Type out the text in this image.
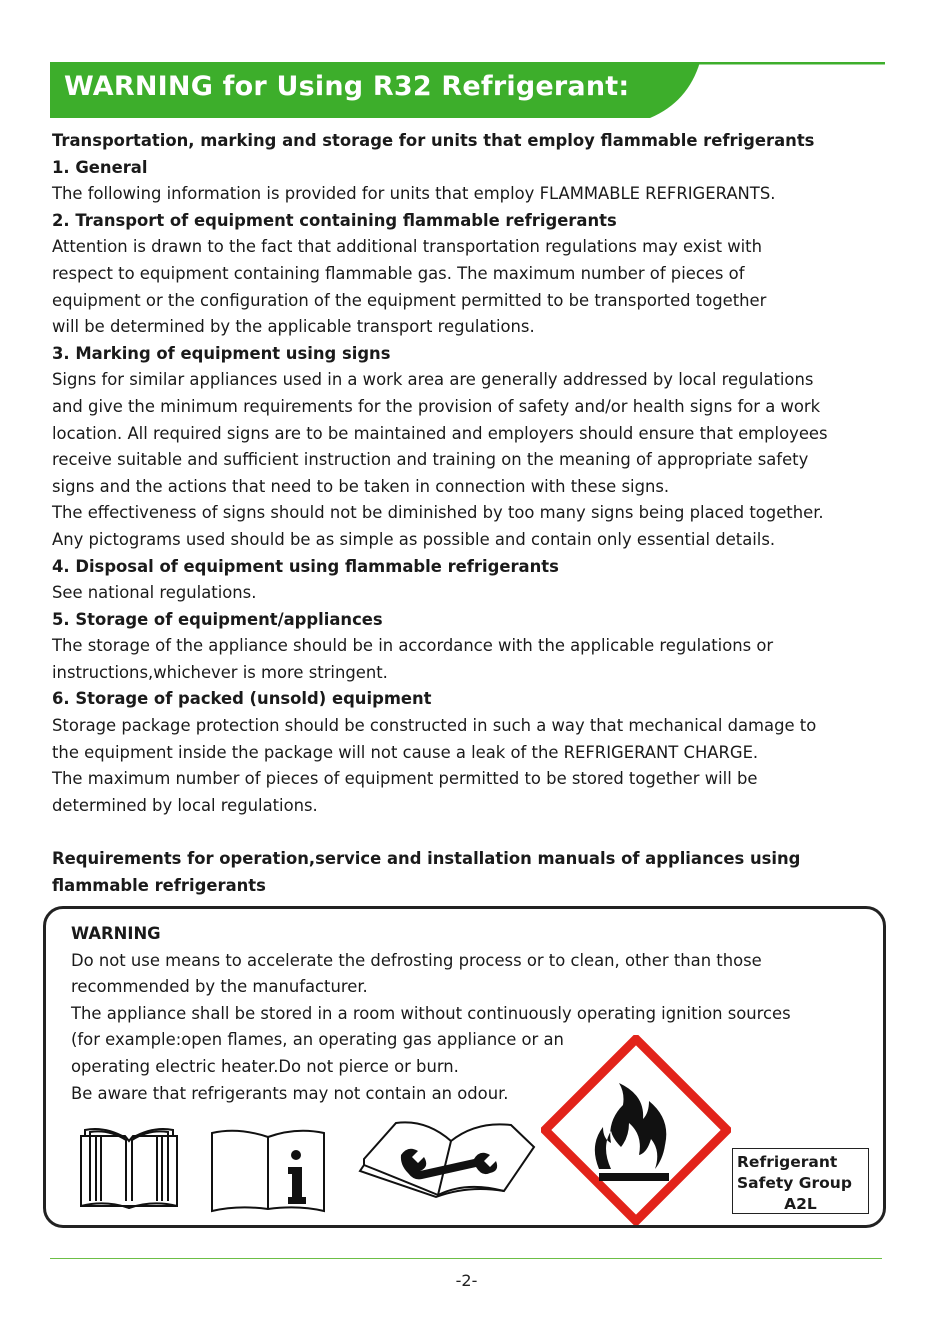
WARNING for Using R32 Refrigerant:

Transportation, marking and storage for units that employ flammable refrigerants

1. General

The following information is provided for units that employ FLAMMABLE REFRIGERANTS.

2. Transport of equipment containing flammable refrigerants

Attention is drawn to the fact that additional transportation regulations may exist with

respect to equipment containing flammable gas. The maximum number of pieces of

equipment or the configuration of the equipment permitted to be transported together

will be determined by the applicable transport regulations.

3. Marking of equipment using signs

Signs for similar appliances used in a work area are generally addressed by local regulations

and give the minimum requirements for the provision of safety and/or health signs for a work

location. All required signs are to be maintained and employers should ensure that employees

receive suitable and sufficient instruction and training on the meaning of appropriate safety

signs and the actions that need to be taken in connection with these signs.

The effectiveness of signs should not be diminished by too many signs being placed together.

Any pictograms used should be as simple as possible and contain only essential details.

4. Disposal of equipment using flammable refrigerants

See national regulations.

5. Storage of equipment/appliances

The storage of the appliance should be in accordance with the applicable regulations or

instructions,whichever is more stringent.

6. Storage of packed (unsold) equipment

Storage package protection should be constructed in such a way that mechanical damage to

the equipment inside the package will not cause a leak of the REFRIGERANT CHARGE.

The maximum number of pieces of equipment permitted to be stored together will be

determined by local regulations.

Requirements for operation,service and installation manuals of appliances using

flammable refrigerants

WARNING

Do not use means to accelerate the defrosting process or to clean, other than those

recommended by the manufacturer.

The appliance shall be stored in a room without continuously operating ignition sources

(for example:open flames, an operating gas appliance or an

operating electric heater.Do not pierce or burn.

Be aware that refrigerants may not contain an odour.

Refrigerant
Safety Group
A2L
-2-
